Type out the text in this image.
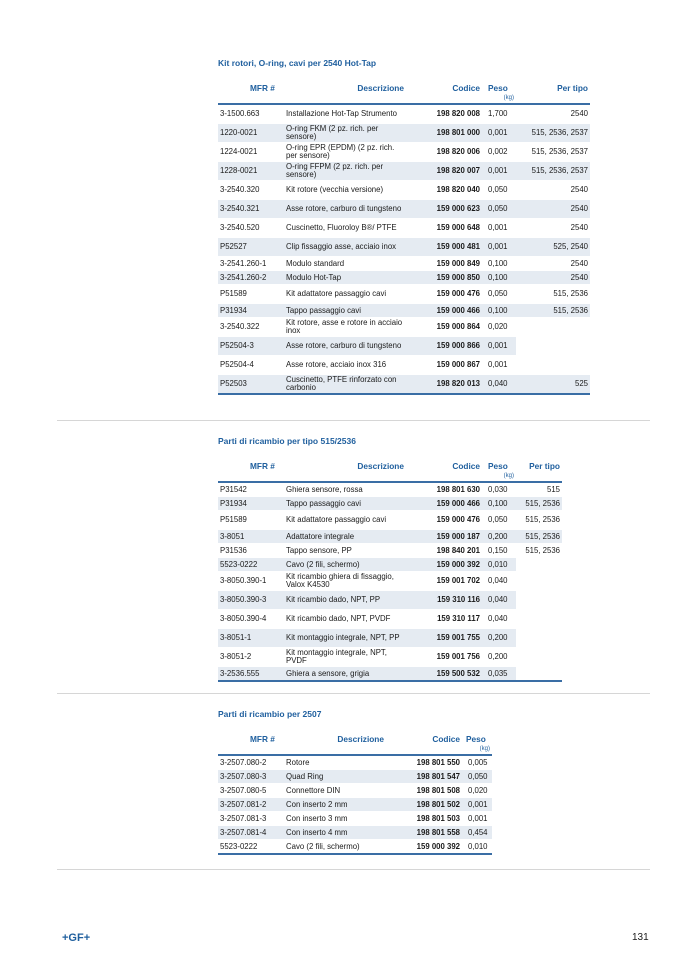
Kit rotori, O-ring, cavi per 2540 Hot-Tap
MFR #	Descrizione	Codice	Peso	Per tipo
			(kg)	
3-1500.663	Installazione Hot-Tap Strumento	198 820 008	1,700	2540
1220-0021	O-ring FKM (2 pz. rich. per sensore)	198 801 000	0,001	515, 2536, 2537
1224-0021	O-ring EPR (EPDM) (2 pz. rich. per sensore)	198 820 006	0,002	515, 2536, 2537
1228-0021	O-ring FFPM (2 pz. rich. per sensore)	198 820 007	0,001	515, 2536, 2537
3-2540.320	Kit rotore (vecchia versione)	198 820 040	0,050	2540
3-2540.321	Asse rotore, carburo di tungsteno	159 000 623	0,050	2540
3-2540.520	Cuscinetto, Fluoroloy B®/ PTFE	159 000 648	0,001	2540
P52527	Clip fissaggio asse, acciaio inox	159 000 481	0,001	525, 2540
3-2541.260-1	Modulo standard	159 000 849	0,100	2540
3-2541.260-2	Modulo Hot-Tap	159 000 850	0,100	2540
P51589	Kit adattatore passaggio cavi	159 000 476	0,050	515, 2536
P31934	Tappo passaggio cavi	159 000 466	0,100	515, 2536
3-2540.322	Kit rotore, asse e rotore in acciaio inox	159 000 864	0,020	
P52504-3	Asse rotore, carburo di tungsteno	159 000 866	0,001	
P52504-4	Asse rotore, acciaio inox 316	159 000 867	0,001	
P52503	Cuscinetto, PTFE rinforzato con carbonio	198 820 013	0,040	525
Parti di ricambio per tipo 515/2536
MFR #	Descrizione	Codice	Peso	Per tipo
			(kg)	
P31542	Ghiera sensore, rossa	198 801 630	0,030	515
P31934	Tappo passaggio cavi	159 000 466	0,100	515, 2536
P51589	Kit adattatore passaggio cavi	159 000 476	0,050	515, 2536
3-8051	Adattatore integrale	159 000 187	0,200	515, 2536
P31536	Tappo sensore, PP	198 840 201	0,150	515, 2536
5523-0222	Cavo (2 fili, schermo)	159 000 392	0,010	
3-8050.390-1	Kit ricambio ghiera di fissaggio, Valox K4530	159 001 702	0,040	
3-8050.390-3	Kit ricambio dado, NPT, PP	159 310 116	0,040	
3-8050.390-4	Kit ricambio dado, NPT, PVDF	159 310 117	0,040	
3-8051-1	Kit montaggio integrale, NPT, PP	159 001 755	0,200	
3-8051-2	Kit montaggio integrale, NPT, PVDF	159 001 756	0,200	
3-2536.555	Ghiera a sensore, grigia	159 500 532	0,035	
Parti di ricambio per 2507
MFR #	Descrizione	Codice	Peso
			(kg)
3-2507.080-2	Rotore	198 801 550	0,005
3-2507.080-3	Quad Ring	198 801 547	0,050
3-2507.080-5	Connettore DIN	198 801 508	0,020
3-2507.081-2	Con inserto 2 mm	198 801 502	0,001
3-2507.081-3	Con inserto 3 mm	198 801 503	0,001
3-2507.081-4	Con inserto 4 mm	198 801 558	0,454
5523-0222	Cavo (2 fili, schermo)	159 000 392	0,010
+GF+	131
